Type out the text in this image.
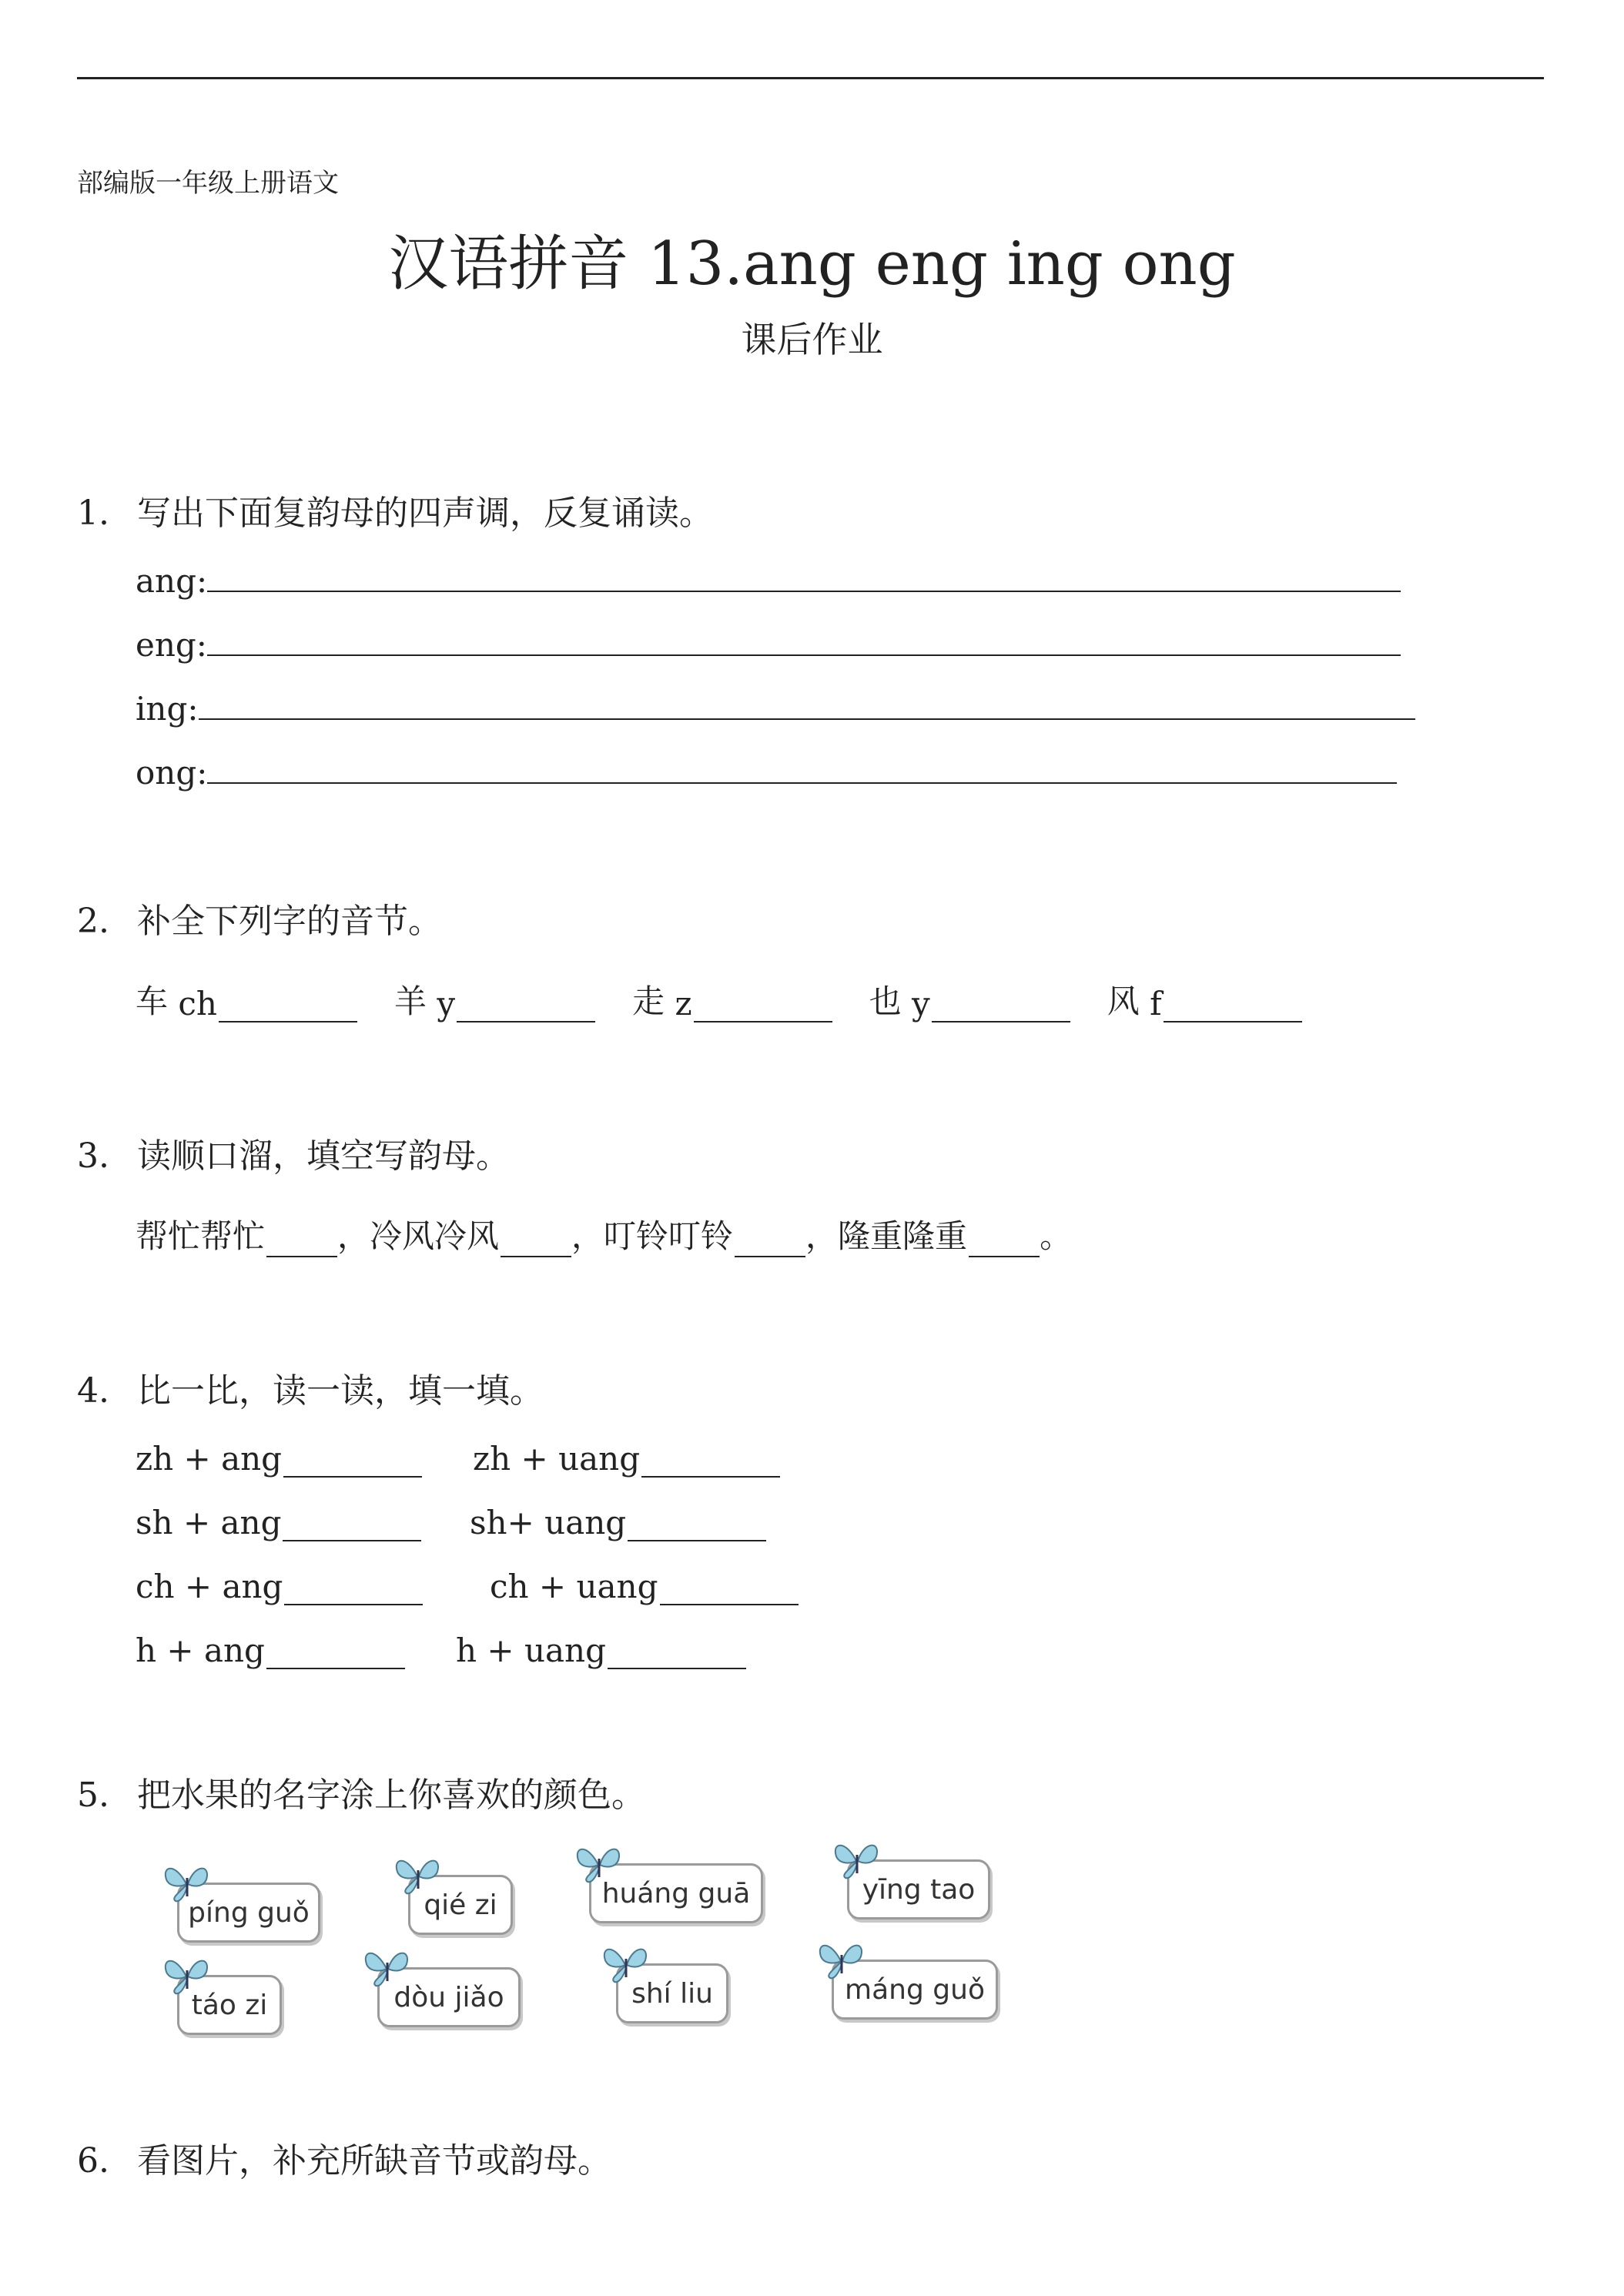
部编版一年级上册语文
汉语拼音 13.ang eng ing ong
课后作业
1. 写出下面复韵母的四声调，反复诵读。
ang:
eng:
ing:
ong:
2. 补全下列字的音节。
车
ch	羊
y	走
z	也
y	风
f
3. 读顺口溜，填空写韵母。
帮忙帮忙 ，冷风冷风 ，叮铃叮铃 ，隆重隆重 。
4. 比一比，读一读，填一填。
zh + ang	zh + uang
sh + ang	sh+ uang
ch + ang	ch + uang
h + ang	h + uang
5. 把水果的名字涂上你喜欢的颜色。
píng guǒ	qié zi	huáng guā	yīng tao
táo zi	dòu jiǎo	shí liu	máng guǒ
6. 看图片，补充所缺音节或韵母。
